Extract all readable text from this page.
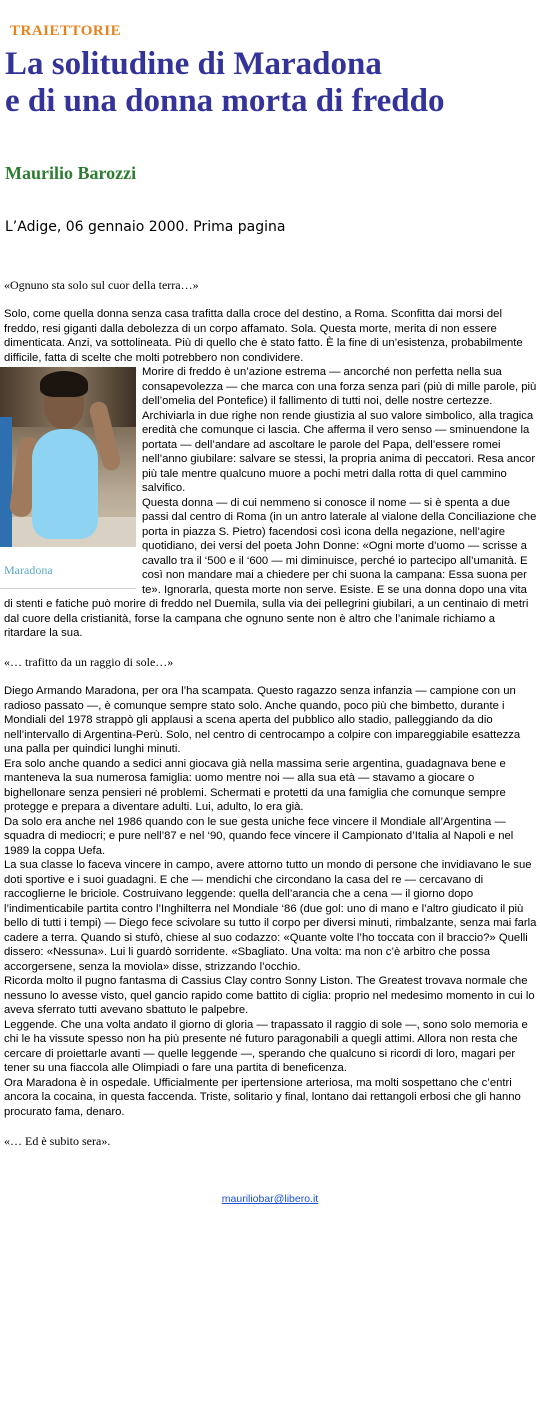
TRAIETTORIE

La solitudine di Maradona
e di una donna morta di freddo

Maurilio Barozzi

L’Adige, 06 gennaio 2000. Prima pagina

«Ognuno sta solo sul cuor della terra…»

Solo, come quella donna senza casa trafitta dalla croce del destino, a Roma. Sconfitta dai morsi del freddo, resi giganti dalla debolezza di un corpo affamato. Sola. Questa morte, merita di non essere dimenticata. Anzi, va sottolineata. Più di quello che è stato fatto. È la fine di un’esistenza, probabilmente difficile, fatta di scelte che molti potrebbero non condividere.

Maradona

Morire di freddo è un’azione estrema — ancorché non perfetta nella sua consapevolezza — che marca con una forza senza pari (più di mille parole, più dell’omelia del Pontefice) il fallimento di tutti noi, delle nostre certezze. Archiviarla in due righe non rende giustizia al suo valore simbolico, alla tragica eredità che comunque ci lascia. Che afferma il vero senso — sminuendone la portata — dell’andare ad ascoltare le parole del Papa, dell’essere romei nell’anno giubilare: salvare se stessi, la propria anima di peccatori. Resa ancor più tale mentre qualcuno muore a pochi metri dalla rotta di quel cammino salvifico.

Questa donna — di cui nemmeno si conosce il nome — si è spenta a due passi dal centro di Roma (in un antro laterale al vialone della Conciliazione che porta in piazza S. Pietro) facendosi così icona della negazione, nell’agire quotidiano, dei versi del poeta John Donne: «Ogni morte d’uomo — scrisse a cavallo tra il ‘500 e il ‘600 — mi diminuisce, perché io partecipo all’umanità. E così non mandare mai a chiedere per chi suona la campana: Essa suona per te». Ignorarla, questa morte non serve. Esiste. E se una donna dopo una vita di stenti e fatiche può morire di freddo nel Duemila, sulla via dei pellegrini giubilari, a un centinaio di metri dal cuore della cristianità, forse la campana che ognuno sente non è altro che l’animale richiamo a ritardare la sua.

«… trafitto da un raggio di sole…»

Diego Armando Maradona, per ora l’ha scampata. Questo ragazzo senza infanzia — campione con un radioso passato —, è comunque sempre stato solo. Anche quando, poco più che bimbetto, durante i Mondiali del 1978 strappò gli applausi a scena aperta del pubblico allo stadio, palleggiando da dio nell’intervallo di Argentina-Perù. Solo, nel centro di centrocampo a colpire con impareggiabile esattezza una palla per quindici lunghi minuti.

Era solo anche quando a sedici anni giocava già nella massima serie argentina, guadagnava bene e manteneva la sua numerosa famiglia: uomo mentre noi — alla sua età — stavamo a giocare o bighellonare senza pensieri né problemi. Schermati e protetti da una famiglia che comunque sempre protegge e prepara a diventare adulti. Lui, adulto, lo era già.

Da solo era anche nel 1986 quando con le sue gesta uniche fece vincere il Mondiale all’Argentina — squadra di mediocri; e pure nell’87 e nel ‘90, quando fece vincere il Campionato d’Italia al Napoli e nel 1989 la coppa Uefa.

La sua classe lo faceva vincere in campo, avere attorno tutto un mondo di persone che invidiavano le sue doti sportive e i suoi guadagni. E che — mendichi che circondano la casa del re — cercavano di raccoglierne le briciole. Costruivano leggende: quella dell’arancia che a cena — il giorno dopo l’indimenticabile partita contro l’Inghilterra nel Mondiale ‘86 (due gol: uno di mano e l’altro giudicato il più bello di tutti i tempi) — Diego fece scivolare su tutto il corpo per diversi minuti, rimbalzante, senza mai farla cadere a terra. Quando si stufò, chiese al suo codazzo: «Quante volte l’ho toccata con il braccio?» Quelli dissero: «Nessuna». Lui li guardò sorridente. «Sbagliato. Una volta: ma non c’è arbitro che possa accorgersene, senza la moviola» disse, strizzando l’occhio.

Ricorda molto il pugno fantasma di Cassius Clay contro Sonny Liston. The Greatest trovava normale che nessuno lo avesse visto, quel gancio rapido come battito di ciglia: proprio nel medesimo momento in cui lo aveva sferrato tutti avevano sbattuto le palpebre.

Leggende. Che una volta andato il giorno di gloria — trapassato il raggio di sole —, sono solo memoria e chi le ha vissute spesso non ha più presente né futuro paragonabili a quegli attimi. Allora non resta che cercare di proiettarle avanti — quelle leggende —, sperando che qualcuno si ricordi di loro, magari per tener su una fiaccola alle Olimpiadi o fare una partita di beneficenza.

Ora Maradona è in ospedale. Ufficialmente per ipertensione arteriosa, ma molti sospettano che c’entri ancora la cocaina, in questa faccenda. Triste, solitario y final, lontano dai rettangoli erbosi che gli hanno procurato fama, denaro.

«… Ed è subito sera».

mauriliobar@libero.it
